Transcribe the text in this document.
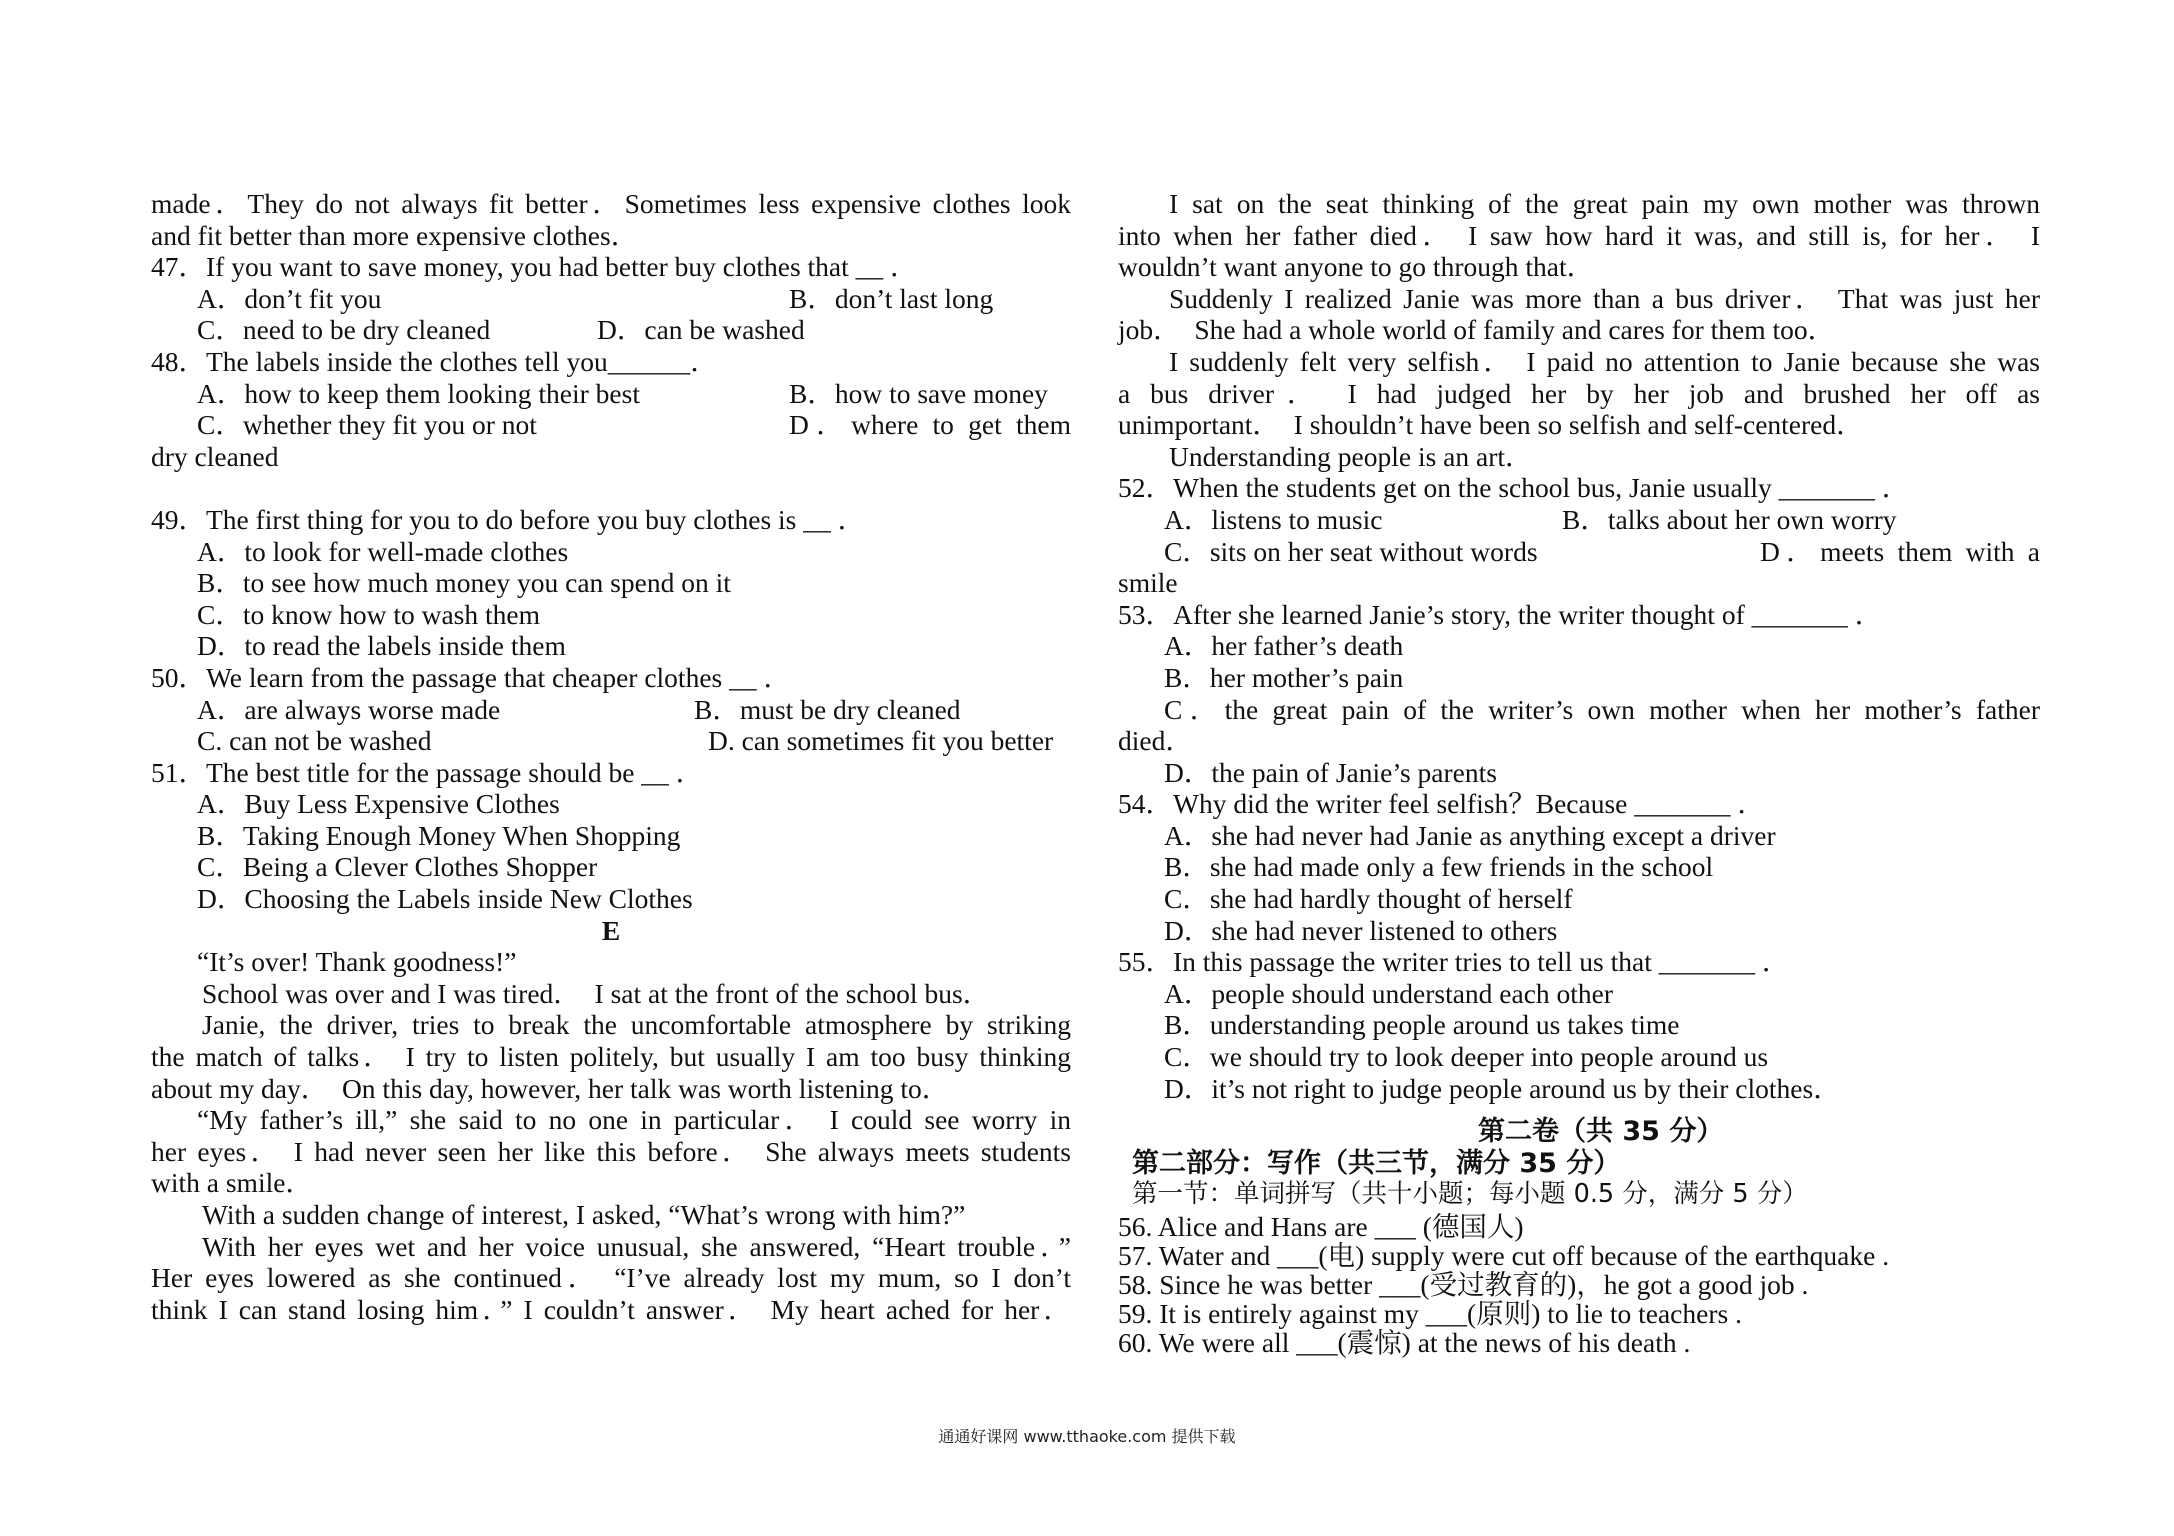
made．They do not always fit better．Sometimes less expensive clothes look
and fit better than more expensive clothes．
47．If you want to save money, you had better buy clothes that __ ．
A．don’t fit you	B．don’t last long
C．need to be dry cleaned	D．can be washed
48．The labels inside the clothes tell you______．
A．how to keep them looking their best	B．how to save money
C．whether they fit you or not	D．where to get them
dry cleaned
49．The first thing for you to do before you buy clothes is __ ．
A．to look for well-made clothes
B．to see how much money you can spend on it
C．to know how to wash them
D．to read the labels inside them
50．We learn from the passage that cheaper clothes __ ．
A．are always worse made	B．must be dry cleaned
C. can not be washed	D. can sometimes fit you better
51．The best title for the passage should be __ ．
A．Buy Less Expensive Clothes
B．Taking Enough Money When Shopping
C．Being a Clever Clothes Shopper
D．Choosing the Labels inside New Clothes
E
“It’s over! Thank goodness!”
School was over and I was tired．  I sat at the front of the school bus．
Janie, the driver, tries to break the uncomfortable atmosphere by striking
the match of talks． I try to listen politely, but usually I am too busy thinking
about my day．  On this day, however, her talk was worth listening to．
“My father’s ill,” she said to no one in particular． I could see worry in
her eyes． I had never seen her like this before． She always meets students
with a smile．
With a sudden change of interest, I asked, “What’s wrong with him?”
With her eyes wet and her voice unusual, she answered, “Heart trouble．”
Her eyes lowered as she continued． “I’ve already lost my mum, so I don’t
think I can stand losing him．” I couldn’t answer． My heart ached for her．
I sat on the seat thinking of the great pain my own mother was thrown
into when her father died． I saw how hard it was, and still is, for her． I
wouldn’t want anyone to go through that．
Suddenly I realized Janie was more than a bus driver． That was just her
job．  She had a whole world of family and cares for them too．
I suddenly felt very selfish． I paid no attention to Janie because she was
a bus driver． I had judged her by her job and brushed her off as
unimportant．  I shouldn’t have been so selfish and self-centered．
Understanding people is an art．
52．When the students get on the school bus, Janie usually _______ ．
A．listens to music	B．talks about her own worry
C．sits on her seat without words	D．meets them with a
smile
53．After she learned Janie’s story, the writer thought of _______ ．
A．her father’s death
B．her mother’s pain
C．the great pain of the writer’s own mother when her mother’s father
died．
D．the pain of Janie’s parents
54．Why did the writer feel selfish？Because _______ ．
A．she had never had Janie as anything except a driver
B．she had made only a few friends in the school
C．she had hardly thought of herself
D．she had never listened to others
55．In this passage the writer tries to tell us that _______ ．
A．people should understand each other
B．understanding people around us takes time
C．we should try to look deeper into people around us
D．it’s not right to judge people around us by their clothes．
第二卷（共 35 分）
第二部分：写作（共三节，满分 35 分）
第一节：单词拼写（共十小题；每小题 0.5 分，满分 5 分）
56. Alice and Hans are ___ (德国人)
57. Water and ___(电) supply were cut off because of the earthquake .
58. Since he was better ___(受过教育的)，he got a good job .
59. It is entirely against my ___(原则) to lie to teachers .
60. We were all ___(震惊) at the news of his death .
通通好课网 www.tthaoke.com 提供下载
